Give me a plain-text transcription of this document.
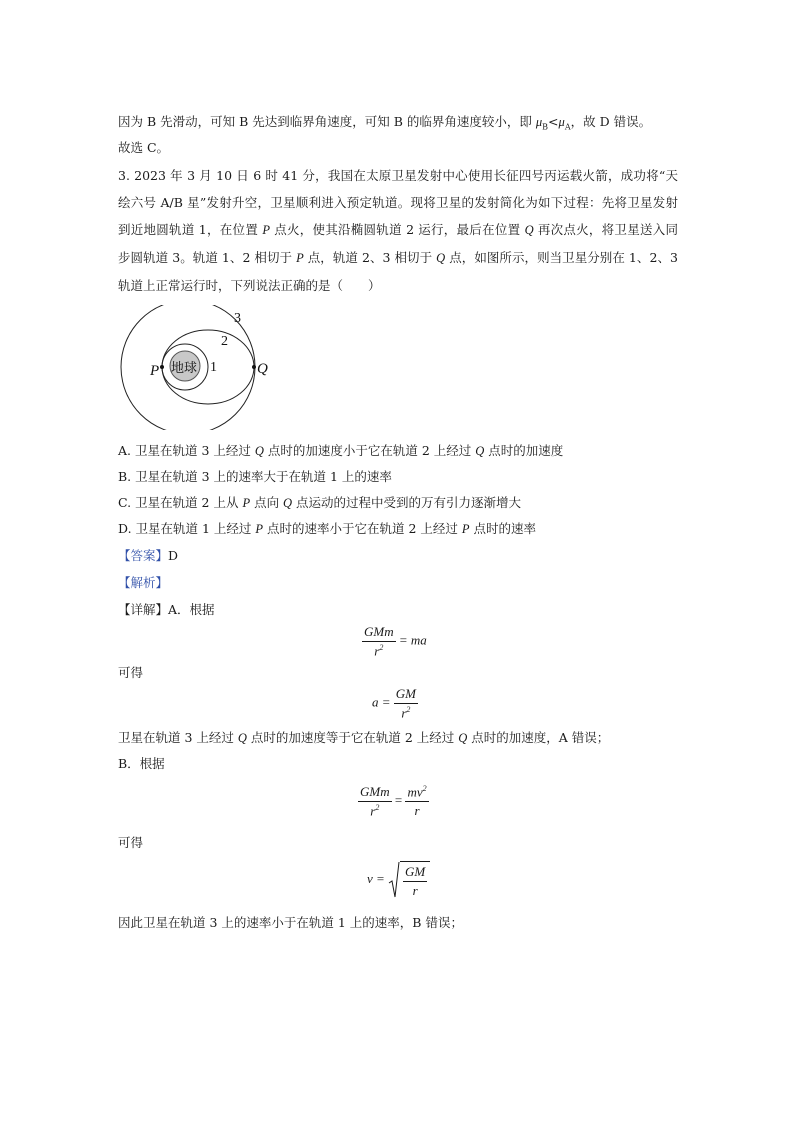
因为 B 先滑动，可知 B 先达到临界角速度，可知 B 的临界角速度较小，即 $\mu_B<\mu_A$，故 D 错误。
故选 C。
3. 2023 年 3 月 10 日 6 时 41 分，我国在太原卫星发射中心使用长征四号丙运载火箭，成功将“天绘六号 A/B 星”发射升空，卫星顺利进入预定轨道。现将卫星的发射简化为如下过程：先将卫星发射到近地圆轨道 1，在位置 P 点火，使其沿椭圆轨道 2 运行，最后在位置 Q 再次点火，将卫星送入同步圆轨道 3。轨道 1、2 相切于 P 点，轨道 2、3 相切于 Q 点，如图所示，则当卫星分别在 1、2、3 轨道上正常运行时，下列说法正确的是（　　）
地球
P	Q
1
2
3
A. 卫星在轨道 3 上经过 Q 点时的加速度小于它在轨道 2 上经过 Q 点时的加速度
B. 卫星在轨道 3 上的速率大于在轨道 1 上的速率
C. 卫星在轨道 2 上从 P 点向 Q 点运动的过程中受到的万有引力逐渐增大
D. 卫星在轨道 1 上经过 P 点时的速率小于它在轨道 2 上经过 P 点时的速率
【答案】D
【解析】
【详解】A．根据
$\frac{\text{GMm}}{r^2}$ = ma
可得
$a = \frac{GM}{r^2}$
卫星在轨道 3 上经过 Q 点时的加速度等于它在轨道 2 上经过 Q 点时的加速度，A 错误；
B．根据
$\frac{\text{GMm}}{r^2} = \frac{mv^2}{r}$
可得
$v = \frac{GM}{r}$
因此卫星在轨道 3 上的速率小于在轨道 1 上的速率，B 错误；
